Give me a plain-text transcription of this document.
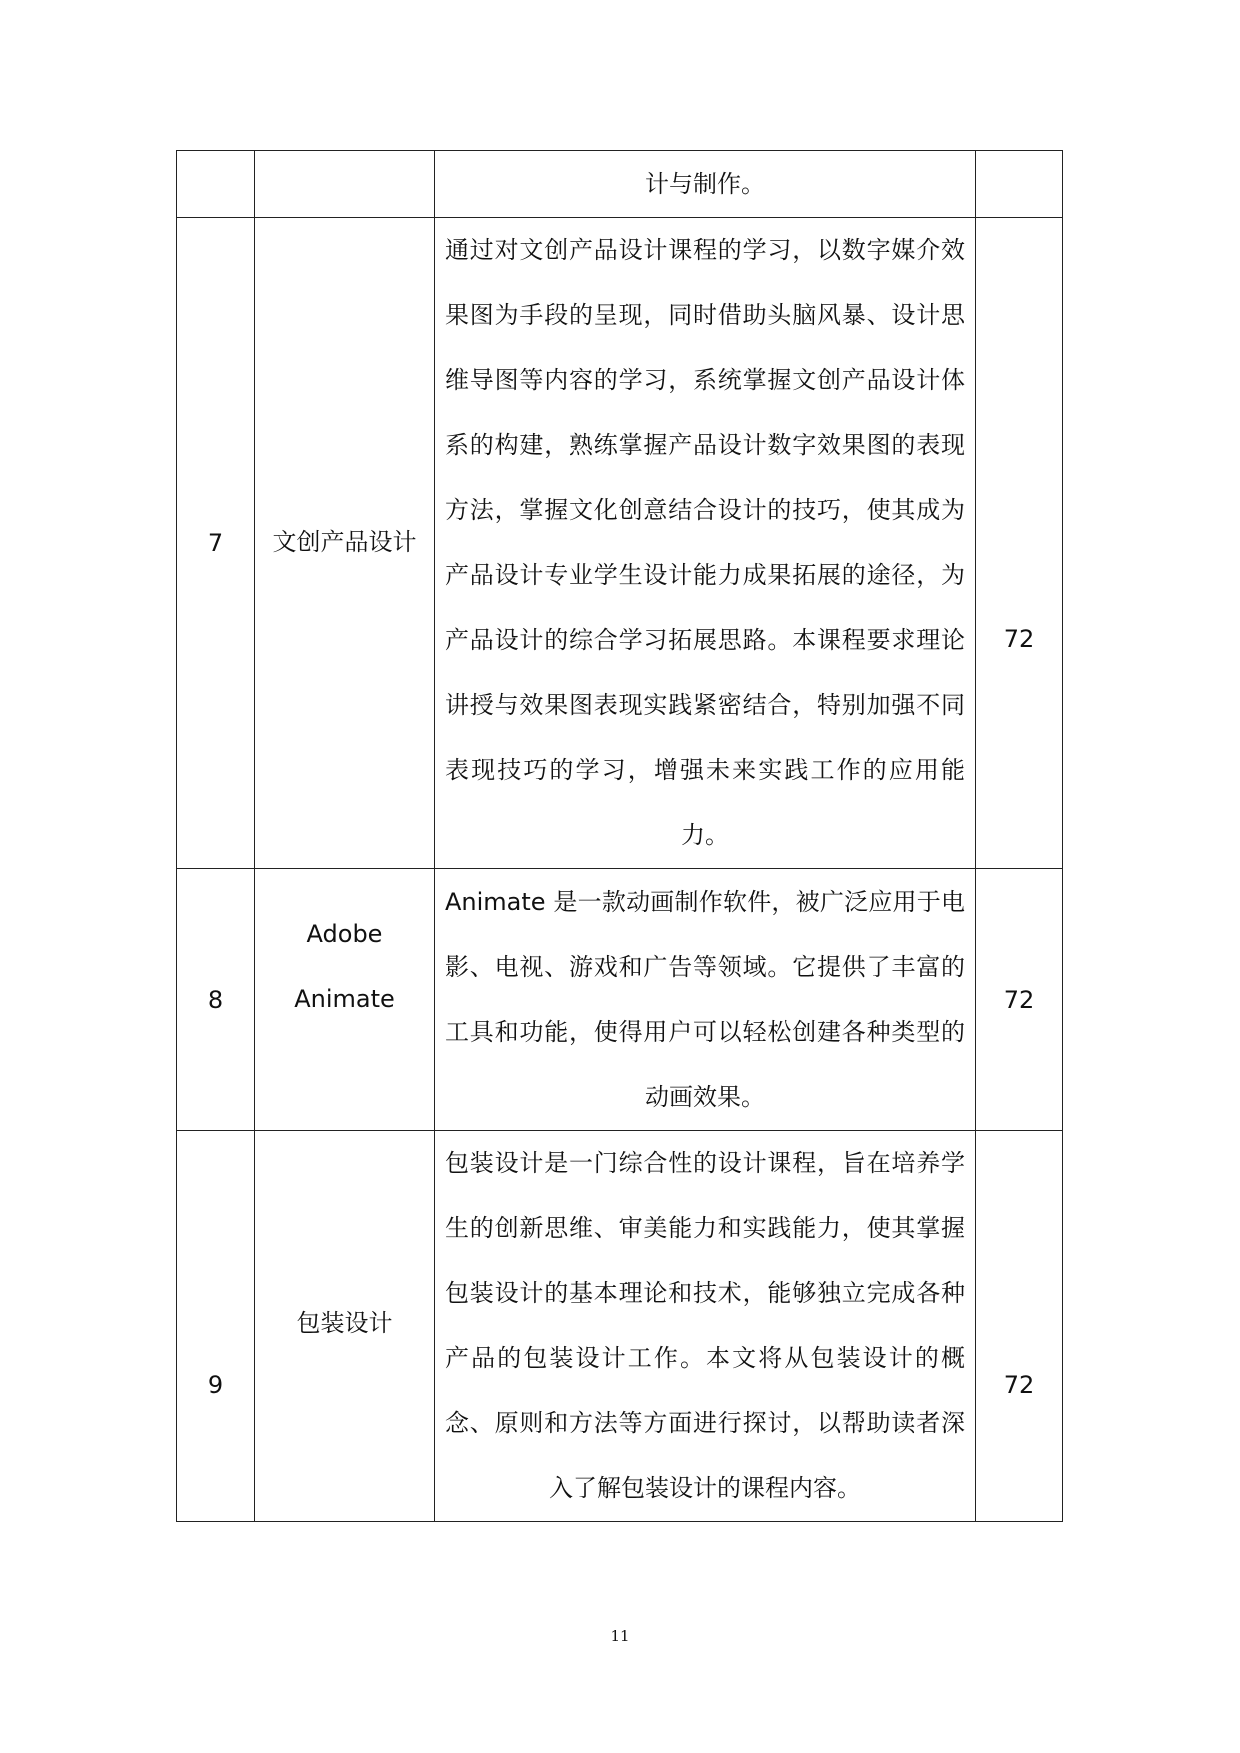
		计与制作。	

7	文创产品设计	通过对文创产品设计课程的学习，以数字媒介效果图为手段的呈现，同时借助头脑风暴、设计思维导图等内容的学习，系统掌握文创产品设计体系的构建，熟练掌握产品设计数字效果图的表现方法，掌握文化创意结合设计的技巧，使其成为产品设计专业学生设计能力成果拓展的途径，为产品设计的综合学习拓展思路。本课程要求理论讲授与效果图表现实践紧密结合，特别加强不同表现技巧的学习，增强未来实践工作的应用能力。	72
8	Adobe Animate	Animate 是一款动画制作软件，被广泛应用于电影、电视、游戏和广告等领域。它提供了丰富的工具和功能，使得用户可以轻松创建各种类型的动画效果。	72
9	包装设计	包装设计是一门综合性的设计课程，旨在培养学生的创新思维、审美能力和实践能力，使其掌握包装设计的基本理论和技术，能够独立完成各种产品的包装设计工作。本文将从包装设计的概念、原则和方法等方面进行探讨，以帮助读者深入了解包装设计的课程内容。	72
11
